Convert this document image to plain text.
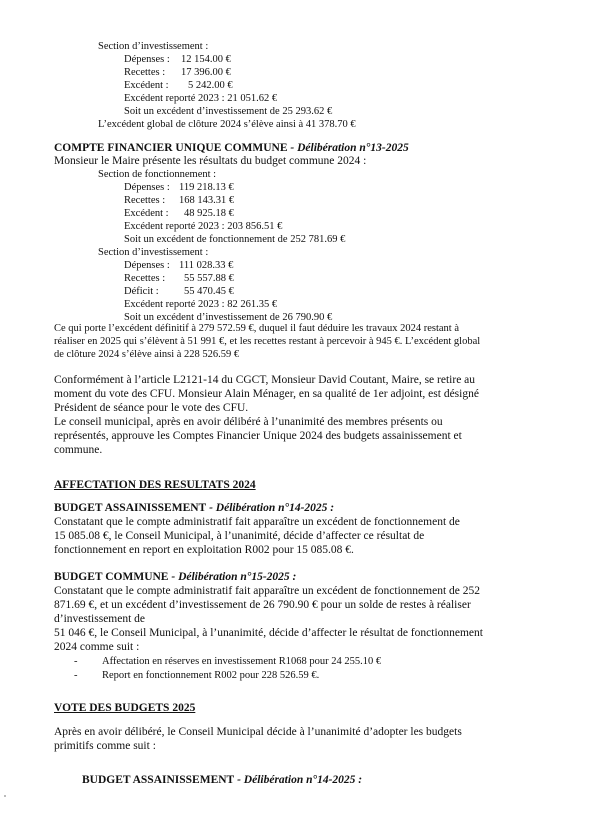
Section d’investissement :
Dépenses : 12 154.00 €
Recettes : 17 396.00 €
Excédent : 5 242.00 €
Excédent reporté 2023 : 21 051.62 €
Soit un excédent d’investissement de 25 293.62 €
L’excédent global de clôture 2024 s’élève ainsi à 41 378.70 €
COMPTE FINANCIER UNIQUE COMMUNE - Délibération n°13-2025
Monsieur le Maire présente les résultats du budget commune 2024 :
Section de fonctionnement :
Dépenses : 119 218.13 €
Recettes : 168 143.31 €
Excédent : 48 925.18 €
Excédent reporté 2023 : 203 856.51 €
Soit un excédent de fonctionnement de 252 781.69 €
Section d’investissement :
Dépenses : 111 028.33 €
Recettes : 55 557.88 €
Déficit : 55 470.45 €
Excédent reporté 2023 : 82 261.35 €
Soit un excédent d’investissement de 26 790.90 €
Ce qui porte l’excédent définitif à 279 572.59 €, duquel il faut déduire les travaux 2024 restant à
réaliser en 2025 qui s’élèvent à 51 991 €, et les recettes restant à percevoir à 945 €. L’excédent global
de clôture 2024 s’élève ainsi à 228 526.59 €
Conformément à l’article L2121-14 du CGCT, Monsieur David Coutant, Maire, se retire au
moment du vote des CFU. Monsieur Alain Ménager, en sa qualité de 1er adjoint, est désigné
Président de séance pour le vote des CFU.
Le conseil municipal, après en avoir délibéré à l’unanimité des membres présents ou
représentés, approuve les Comptes Financier Unique 2024 des budgets assainissement et
commune.
AFFECTATION DES RESULTATS 2024
BUDGET ASSAINISSEMENT - Délibération n°14-2025 :
Constatant que le compte administratif fait apparaître un excédent de fonctionnement de
15 085.08 €, le Conseil Municipal, à l’unanimité, décide d’affecter ce résultat de
fonctionnement en report en exploitation R002 pour 15 085.08 €.
BUDGET COMMUNE - Délibération n°15-2025 :
Constatant que le compte administratif fait apparaître un excédent de fonctionnement de 252
871.69 €, et un excédent d’investissement de 26 790.90 € pour un solde de restes à réaliser
d’investissement de
51 046 €, le Conseil Municipal, à l’unanimité, décide d’affecter le résultat de fonctionnement
2024 comme suit :
- Affectation en réserves en investissement R1068 pour 24 255.10 €
- Report en fonctionnement R002 pour 228 526.59 €.
VOTE DES BUDGETS 2025
Après en avoir délibéré, le Conseil Municipal décide à l’unanimité d’adopter les budgets
primitifs comme suit :
BUDGET ASSAINISSEMENT - Délibération n°14-2025 :
